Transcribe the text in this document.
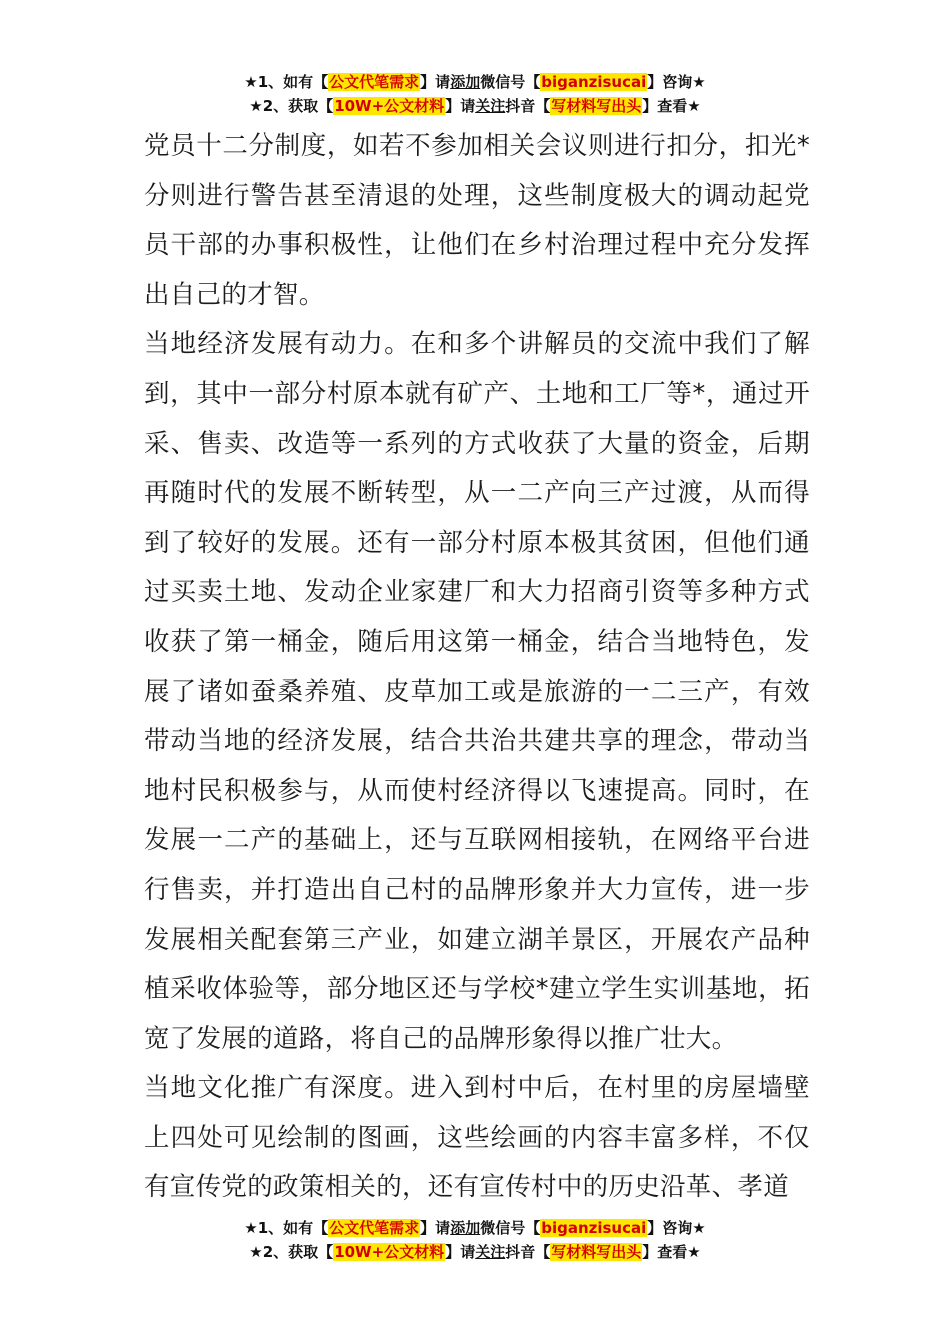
★1、如有【公文代笔需求】请添加微信号【biganzisucai】咨询★
★2、获取【10W+公文材料】请关注抖音【写材料写出头】查看★

党员十二分制度，如若不参加相关会议则进行扣分，扣光*分则进行警告甚至清退的处理，这些制度极大的调动起党员干部的办事积极性，让他们在乡村治理过程中充分发挥出自己的才智。

当地经济发展有动力。在和多个讲解员的交流中我们了解到，其中一部分村原本就有矿产、土地和工厂等*，通过开采、售卖、改造等一系列的方式收获了大量的资金，后期再随时代的发展不断转型，从一二产向三产过渡，从而得到了较好的发展。还有一部分村原本极其贫困，但他们通过买卖土地、发动企业家建厂和大力招商引资等多种方式收获了第一桶金，随后用这第一桶金，结合当地特色，发展了诸如蚕桑养殖、皮草加工或是旅游的一二三产，有效带动当地的经济发展，结合共治共建共享的理念，带动当地村民积极参与，从而使村经济得以飞速提高。同时，在发展一二产的基础上，还与互联网相接轨，在网络平台进行售卖，并打造出自己村的品牌形象并大力宣传，进一步发展相关配套第三产业，如建立湖羊景区，开展农产品种植采收体验等，部分地区还与学校*建立学生实训基地，拓宽了发展的道路，将自己的品牌形象得以推广壮大。

当地文化推广有深度。进入到村中后，在村里的房屋墙壁上四处可见绘制的图画，这些绘画的内容丰富多样，不仅有宣传党的政策相关的，还有宣传村中的历史沿革、孝道

★1、如有【公文代笔需求】请添加微信号【biganzisucai】咨询★
★2、获取【10W+公文材料】请关注抖音【写材料写出头】查看★
